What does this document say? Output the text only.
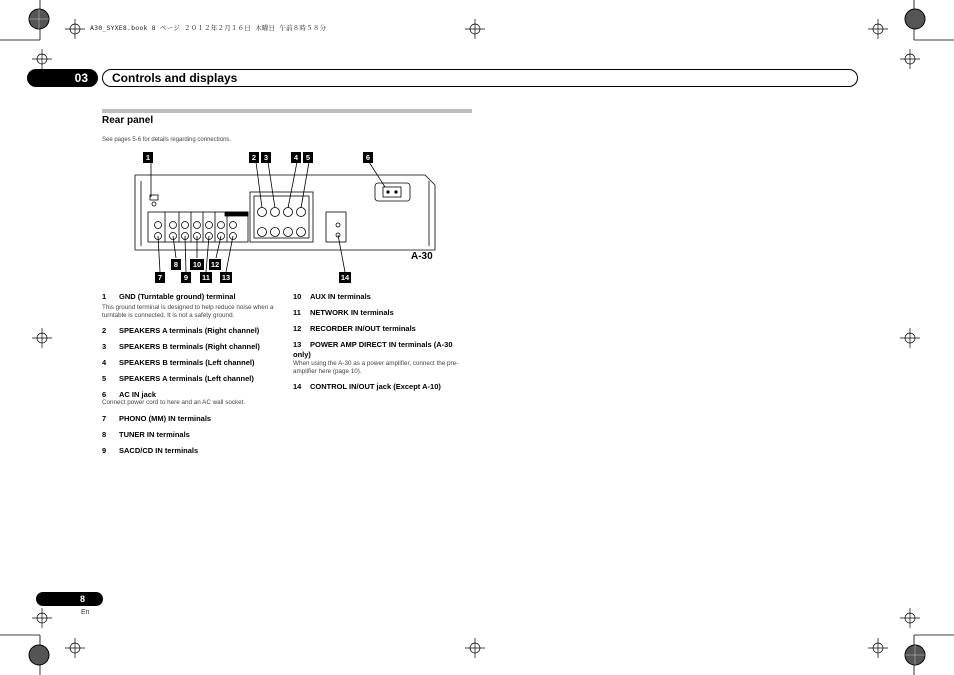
A30_SYXE8.book 8 ページ ２０１２年２月１６日 木曜日 午前８時５８分
03	Controls and displays
Rear panel
See pages 5-6 for details regarding connections.
1	2	3	4	5	6
7
8
9
10
11
12
13	14
A-30
1 GND (Turntable ground) terminal
This ground terminal is designed to help reduce noise when a turntable is connected. It is not a safety ground.
2 SPEAKERS A terminals (Right channel)
3 SPEAKERS B terminals (Right channel)
4 SPEAKERS B terminals (Left channel)
5 SPEAKERS A terminals (Left channel)
6 AC IN jack
Connect power cord to here and an AC wall socket.
7 PHONO (MM) IN terminals
8 TUNER IN terminals
9 SACD/CD IN terminals
10 AUX IN terminals
11 NETWORK IN terminals
12 RECORDER IN/OUT terminals
13 POWER AMP DIRECT IN terminals (A-30
only)
When using the A-30 as a power amplifier, connect the pre-amplifier here (page 10).
14 CONTROL IN/OUT jack (Except A-10)
8
En
